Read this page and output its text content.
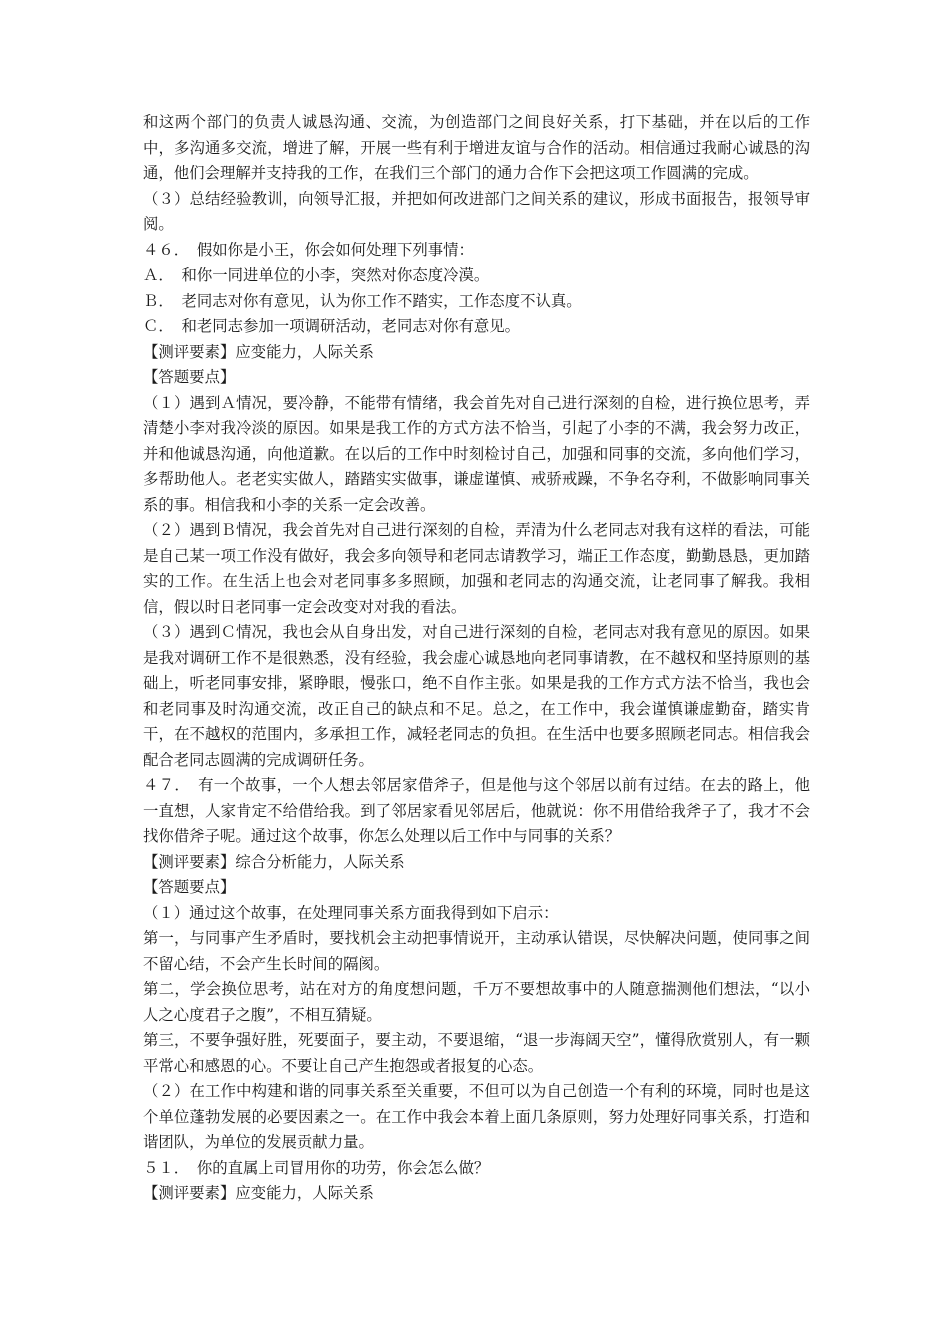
和这两个部门的负责人诚恳沟通、交流，为创造部门之间良好关系，打下基础，并在以后的工作中，多沟通多交流，增进了解，开展一些有利于增进友谊与合作的活动。相信通过我耐心诚恳的沟通，他们会理解并支持我的工作，在我们三个部门的通力合作下会把这项工作圆满的完成。

（３）总结经验教训，向领导汇报，并把如何改进部门之间关系的建议，形成书面报告，报领导审阅。

４６．　假如你是小王，你会如何处理下列事情：

Ａ．　和你一同进单位的小李，突然对你态度冷漠。

Ｂ．　老同志对你有意见，认为你工作不踏实，工作态度不认真。

Ｃ．　和老同志参加一项调研活动，老同志对你有意见。

【测评要素】应变能力，人际关系

【答题要点】

（１）遇到Ａ情况，要冷静，不能带有情绪，我会首先对自己进行深刻的自检，进行换位思考，弄清楚小李对我冷淡的原因。如果是我工作的方式方法不恰当，引起了小李的不满，我会努力改正，并和他诚恳沟通，向他道歉。在以后的工作中时刻检讨自己，加强和同事的交流，多向他们学习，多帮助他人。老老实实做人，踏踏实实做事，谦虚谨慎、戒骄戒躁，不争名夺利，不做影响同事关系的事。相信我和小李的关系一定会改善。

（２）遇到Ｂ情况，我会首先对自己进行深刻的自检，弄清为什么老同志对我有这样的看法，可能是自己某一项工作没有做好，我会多向领导和老同志请教学习，端正工作态度，勤勤恳恳，更加踏实的工作。在生活上也会对老同事多多照顾，加强和老同志的沟通交流，让老同事了解我。我相信，假以时日老同事一定会改变对对我的看法。

（３）遇到Ｃ情况，我也会从自身出发，对自己进行深刻的自检，老同志对我有意见的原因。如果是我对调研工作不是很熟悉，没有经验，我会虚心诚恳地向老同事请教，在不越权和坚持原则的基础上，听老同事安排，紧睁眼，慢张口，绝不自作主张。如果是我的工作方式方法不恰当，我也会和老同事及时沟通交流，改正自己的缺点和不足。总之，在工作中，我会谨慎谦虚勤奋，踏实肯干，在不越权的范围内，多承担工作，减轻老同志的负担。在生活中也要多照顾老同志。相信我会配合老同志圆满的完成调研任务。

４７．　有一个故事，一个人想去邻居家借斧子，但是他与这个邻居以前有过结。在去的路上，他一直想，人家肯定不给借给我。到了邻居家看见邻居后，他就说：你不用借给我斧子了，我才不会找你借斧子呢。通过这个故事，你怎么处理以后工作中与同事的关系？

【测评要素】综合分析能力，人际关系

【答题要点】

（１）通过这个故事，在处理同事关系方面我得到如下启示：

第一，与同事产生矛盾时，要找机会主动把事情说开，主动承认错误，尽快解决问题，使同事之间不留心结，不会产生长时间的隔阂。

第二，学会换位思考，站在对方的角度想问题，千万不要想故事中的人随意揣测他们想法，“以小人之心度君子之腹”，不相互猜疑。

第三，不要争强好胜，死要面子，要主动，不要退缩，“退一步海阔天空”，懂得欣赏别人，有一颗平常心和感恩的心。不要让自己产生抱怨或者报复的心态。

（２）在工作中构建和谐的同事关系至关重要，不但可以为自己创造一个有利的环境，同时也是这个单位蓬勃发展的必要因素之一。在工作中我会本着上面几条原则，努力处理好同事关系，打造和谐团队，为单位的发展贡献力量。

５１．　你的直属上司冒用你的功劳，你会怎么做？

【测评要素】应变能力，人际关系
